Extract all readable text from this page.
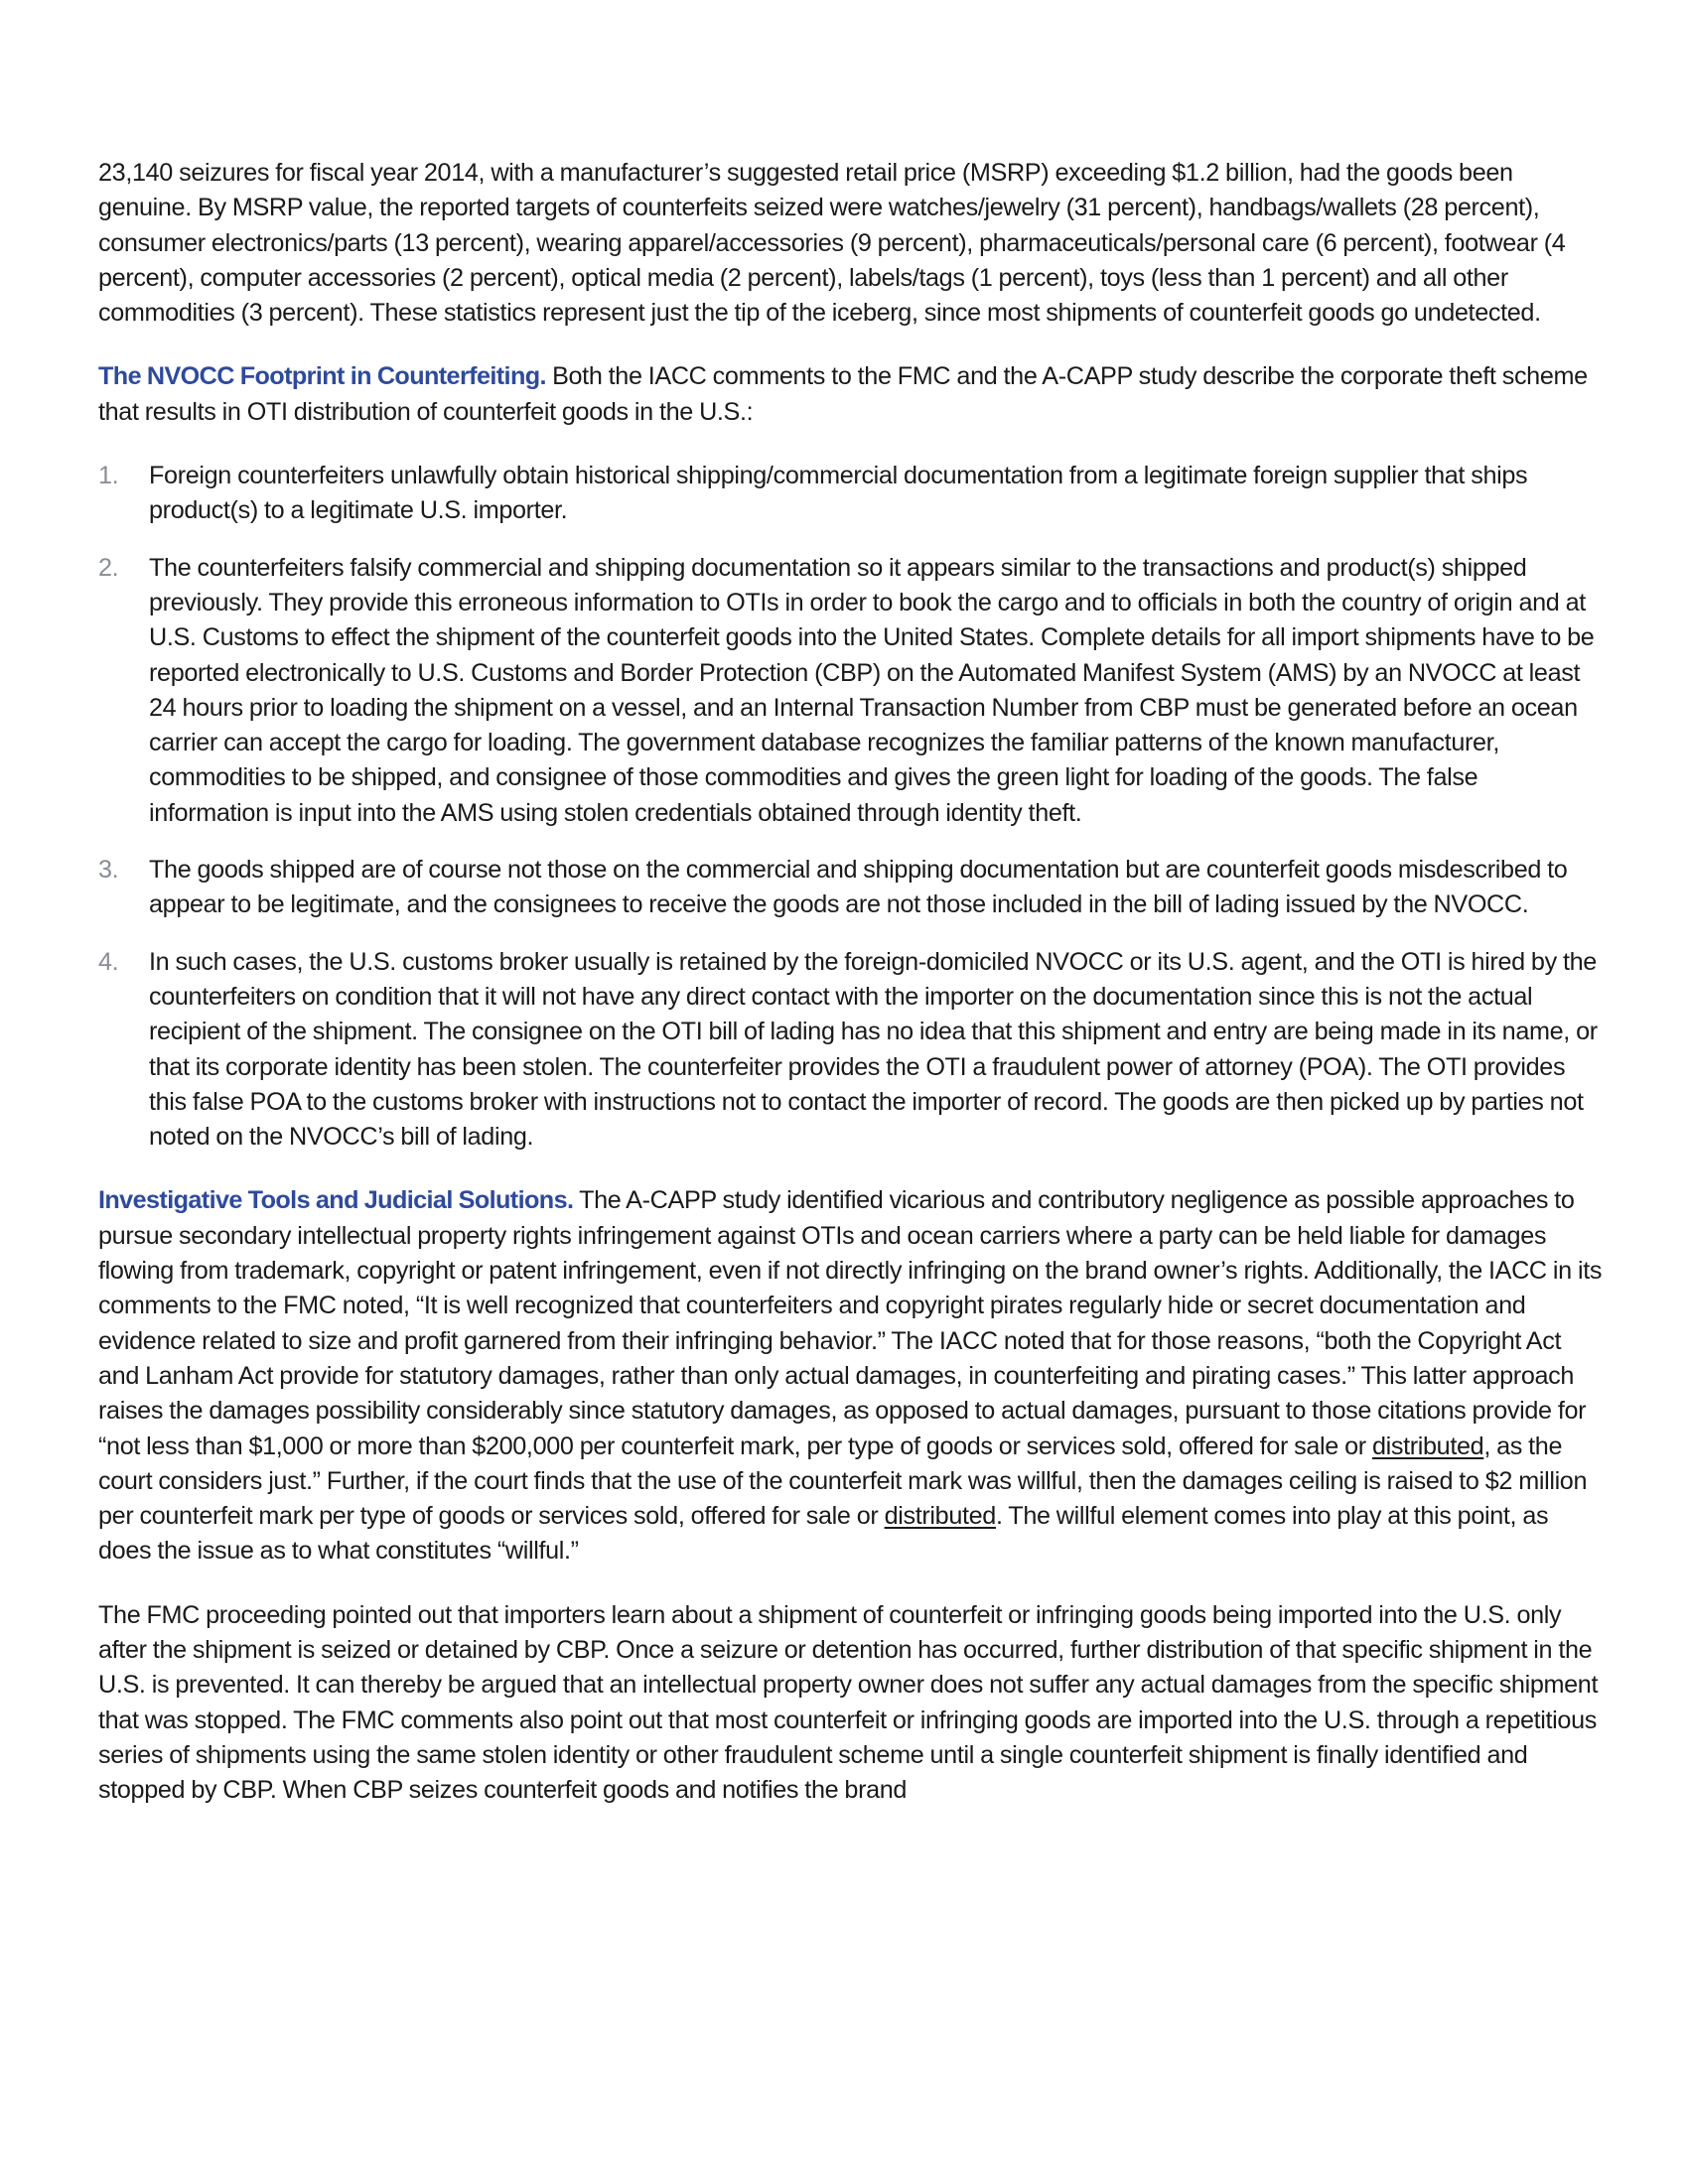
23,140 seizures for fiscal year 2014, with a manufacturer’s suggested retail price (MSRP) exceeding $1.2 billion, had the goods been genuine. By MSRP value, the reported targets of counterfeits seized were watches/jewelry (31 percent), handbags/wallets (28 percent), consumer electronics/parts (13 percent), wearing apparel/accessories (9 percent), pharmaceuticals/personal care (6 percent), footwear (4 percent), computer accessories (2 percent), optical media (2 percent), labels/tags (1 percent), toys (less than 1 percent) and all other commodities (3 percent). These statistics represent just the tip of the iceberg, since most shipments of counterfeit goods go undetected.

The NVOCC Footprint in Counterfeiting. Both the IACC comments to the FMC and the A-CAPP study describe the corporate theft scheme that results in OTI distribution of counterfeit goods in the U.S.:

1. Foreign counterfeiters unlawfully obtain historical shipping/commercial documentation from a legitimate foreign supplier that ships product(s) to a legitimate U.S. importer.
2. The counterfeiters falsify commercial and shipping documentation so it appears similar to the transactions and product(s) shipped previously. They provide this erroneous information to OTIs in order to book the cargo and to officials in both the country of origin and at U.S. Customs to effect the shipment of the counterfeit goods into the United States. Complete details for all import shipments have to be reported electronically to U.S. Customs and Border Protection (CBP) on the Automated Manifest System (AMS) by an NVOCC at least 24 hours prior to loading the shipment on a vessel, and an Internal Transaction Number from CBP must be generated before an ocean carrier can accept the cargo for loading. The government database recognizes the familiar patterns of the known manufacturer, commodities to be shipped, and consignee of those commodities and gives the green light for loading of the goods. The false information is input into the AMS using stolen credentials obtained through identity theft.
3. The goods shipped are of course not those on the commercial and shipping documentation but are counterfeit goods misdescribed to appear to be legitimate, and the consignees to receive the goods are not those included in the bill of lading issued by the NVOCC.
4. In such cases, the U.S. customs broker usually is retained by the foreign-domiciled NVOCC or its U.S. agent, and the OTI is hired by the counterfeiters on condition that it will not have any direct contact with the importer on the documentation since this is not the actual recipient of the shipment. The consignee on the OTI bill of lading has no idea that this shipment and entry are being made in its name, or that its corporate identity has been stolen. The counterfeiter provides the OTI a fraudulent power of attorney (POA). The OTI provides this false POA to the customs broker with instructions not to contact the importer of record. The goods are then picked up by parties not noted on the NVOCC’s bill of lading.

Investigative Tools and Judicial Solutions. The A-CAPP study identified vicarious and contributory negligence as possible approaches to pursue secondary intellectual property rights infringement against OTIs and ocean carriers where a party can be held liable for damages flowing from trademark, copyright or patent infringement, even if not directly infringing on the brand owner’s rights. Additionally, the IACC in its comments to the FMC noted, “It is well recognized that counterfeiters and copyright pirates regularly hide or secret documentation and evidence related to size and profit garnered from their infringing behavior.” The IACC noted that for those reasons, “both the Copyright Act and Lanham Act provide for statutory damages, rather than only actual damages, in counterfeiting and pirating cases.” This latter approach raises the damages possibility considerably since statutory damages, as opposed to actual damages, pursuant to those citations provide for “not less than $1,000 or more than $200,000 per counterfeit mark, per type of goods or services sold, offered for sale or distributed, as the court considers just.” Further, if the court finds that the use of the counterfeit mark was willful, then the damages ceiling is raised to $2 million per counterfeit mark per type of goods or services sold, offered for sale or distributed. The willful element comes into play at this point, as does the issue as to what constitutes “willful.”

The FMC proceeding pointed out that importers learn about a shipment of counterfeit or infringing goods being imported into the U.S. only after the shipment is seized or detained by CBP. Once a seizure or detention has occurred, further distribution of that specific shipment in the U.S. is prevented. It can thereby be argued that an intellectual property owner does not suffer any actual damages from the specific shipment that was stopped. The FMC comments also point out that most counterfeit or infringing goods are imported into the U.S. through a repetitious series of shipments using the same stolen identity or other fraudulent scheme until a single counterfeit shipment is finally identified and stopped by CBP. When CBP seizes counterfeit goods and notifies the brand
